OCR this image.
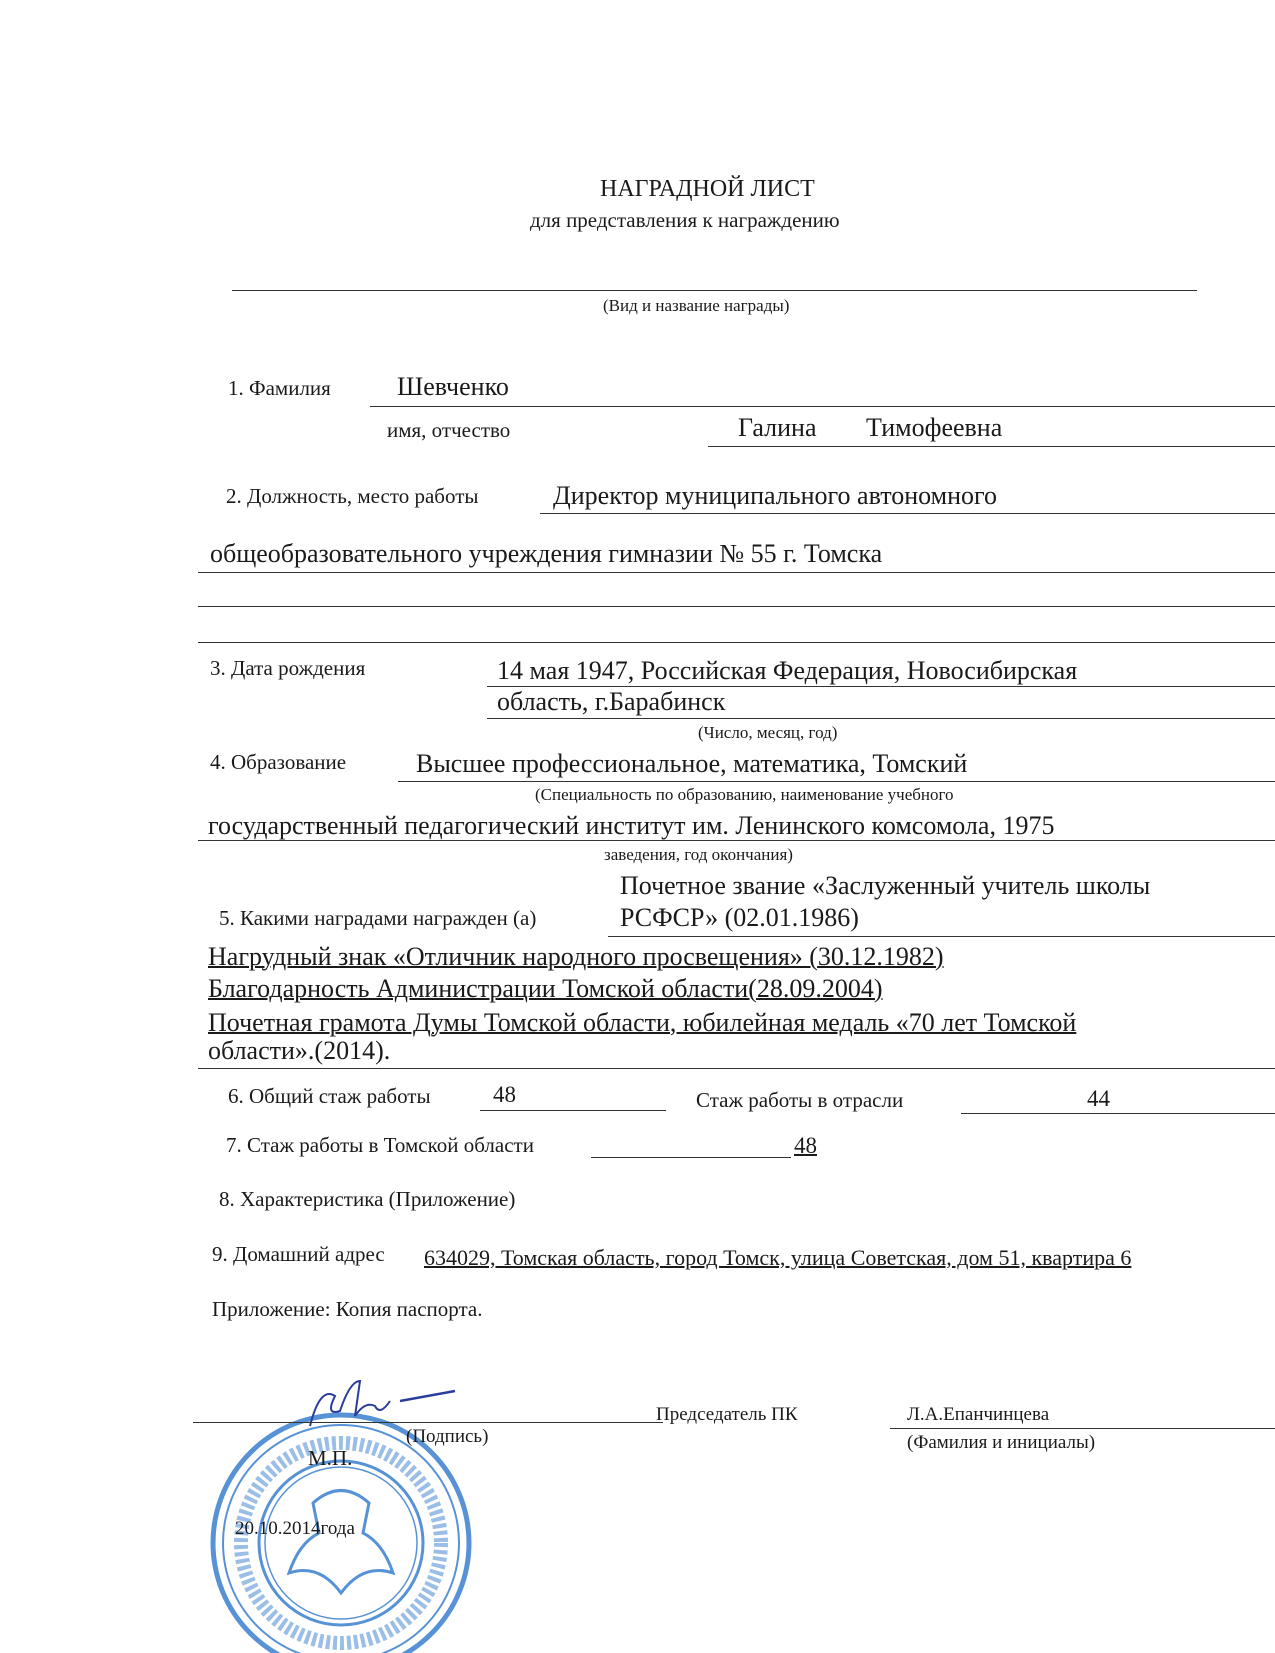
НАГРАДНОЙ ЛИСТ
для представления к награждению
(Вид и название награды)
1. Фамилия	Шевченко
имя, отчество	Галина Тимофеевна
2. Должность, место работы	Директор муниципального автономного
общеобразовательного учреждения гимназии № 55 г. Томска
3. Дата рождения	14 мая 1947, Российская Федерация, Новосибирская
область, г.Барабинск
(Число, месяц, год)
4. Образование	Высшее профессиональное, математика, Томский
(Специальность по образованию, наименование учебного
государственный педагогический институт им. Ленинского комсомола, 1975
заведения, год окончания)
Почетное звание «Заслуженный учитель школы
5. Какими наградами награжден (а)	РСФСР» (02.01.1986)
Нагрудный знак «Отличник народного просвещения» (30.12.1982)
Благодарность Администрации Томской области(28.09.2004)
Почетная грамота Думы Томской области, юбилейная медаль «70 лет Томской
области».(2014).
6. Общий стаж работы	48	Стаж работы в отрасли	44
7. Стаж работы в Томской области	48
8. Характеристика (Приложение)
9. Домашний адрес 634029, Томская область, город Томск, улица Советская, дом 51, квартира 6
Приложение: Копия паспорта.
(Подпись)
М.П.
20.10.2014года
Председатель ПК	Л.А.Епанчинцева
(Фамилия и инициалы)
